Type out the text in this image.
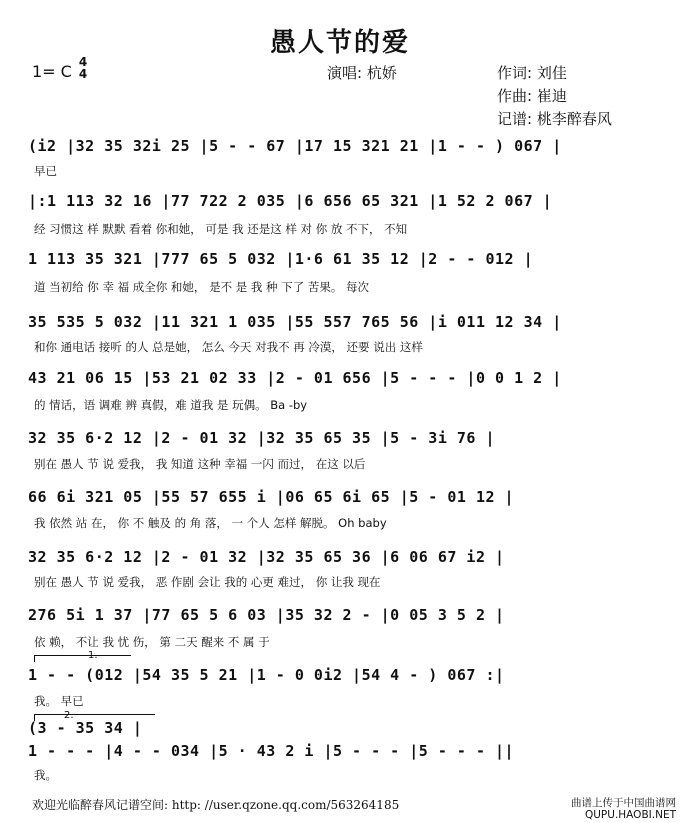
愚人节的爱
1= C 4
4	演唱: 杭娇	作词: 刘佳
作曲: 崔迪
记谱: 桃李醉春风
(i2 |32 35 32i 25 |5 - - 67 |17 15 321 21 |1 - - ) 067 |
早已
|:1 113 32 16 |77 722 2 035 |6 656 65 321 |1 52 2 067 |
经 习惯这 样 默默 看着 你和她， 可是 我 还是这 样 对 你 放 不下， 不知
1 113 35 321 |777 65 5 032 |1·6 61 35 12 |2 - - 012 |
道 当初给 你 幸 福 成全你 和她， 是不 是 我 种 下了 苦果。 每次
35 535 5 032 |11 321 1 035 |55 557 765 56 |i 011 12 34 |
和你 通电话 接听 的人 总是她， 怎么 今天 对我不 再 冷漠， 还要 说出 这样
43 21 06 15 |53 21 02 33 |2 - 01 656 |5 - - - |0 0 1 2 |
的 情话，语 调难 辨 真假，难 道我 是 玩偶。 Ba -by
32 35 6·2 12 |2 - 01 32 |32 35 65 35 |5 - 3i 76 |
别在 愚人 节 说 爱我， 我 知道 这种 幸福 一闪 而过， 在这 以后
66 6i 321 05 |55 57 655 i |06 65 6i 65 |5 - 01 12 |
我 依然 站 在， 你 不 触及 的 角 落， 一 个人 怎样 解脱。 Oh baby
32 35 6·2 12 |2 - 01 32 |32 35 65 36 |6 06 67 i2 |
别在 愚人 节 说 爱我， 恶 作剧 会让 我的 心更 难过， 你 让我 现在
276 5i 1 37 |77 65 5 6 03 |35 32 2 - |0 05 3 5 2 |
依 赖， 不让 我 忧 伤， 第 二天 醒来 不 属 于
1.
1 - - (012 |54 35 5 21 |1 - 0 0i2 |54 4 - ) 067 :|
我。 早已
2.
(3 - 35 34 |
1 - - - |4 - - 034 |5 · 43 2 i |5 - - - |5 - - - ||
我。
欢迎光临醉春风记谱空间: http: //user.qzone.qq.com/563264185	曲谱上传于中国曲谱网
QUPU.HAOBI.NET
